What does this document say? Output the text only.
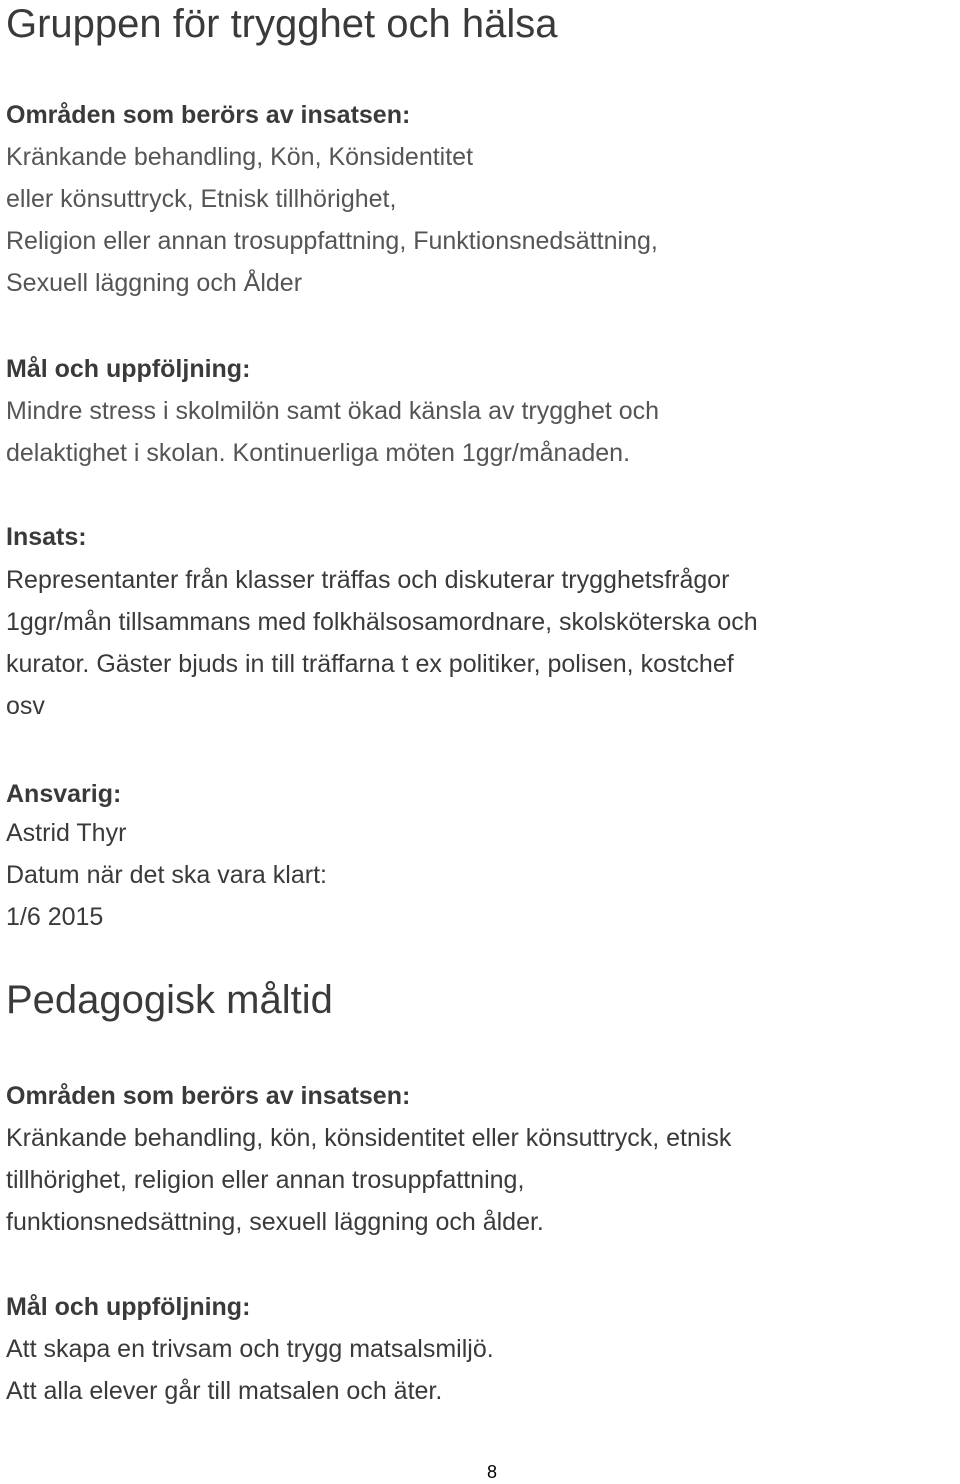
Gruppen för trygghet och hälsa
Områden som berörs av insatsen:
Kränkande behandling, Kön, Könsidentitet
eller könsuttryck, Etnisk tillhörighet,
Religion eller annan trosuppfattning, Funktionsnedsättning,
Sexuell läggning och Ålder
Mål och uppföljning:
Mindre stress i skolmilön samt ökad känsla av trygghet och
delaktighet i skolan. Kontinuerliga möten 1ggr/månaden.
Insats:
Representanter från klasser träffas och diskuterar trygghetsfrågor
1ggr/mån tillsammans med folkhälsosamordnare, skolsköterska och
kurator. Gäster bjuds in till träffarna t ex politiker, polisen, kostchef
osv
Ansvarig:
Astrid Thyr
Datum när det ska vara klart:
1/6 2015
Pedagogisk måltid
Områden som berörs av insatsen:
Kränkande behandling, kön, könsidentitet eller könsuttryck, etnisk
tillhörighet, religion eller annan trosuppfattning,
funktionsnedsättning, sexuell läggning och ålder.
Mål och uppföljning:
Att skapa en trivsam och trygg matsalsmiljö.
Att alla elever går till matsalen och äter.
8
